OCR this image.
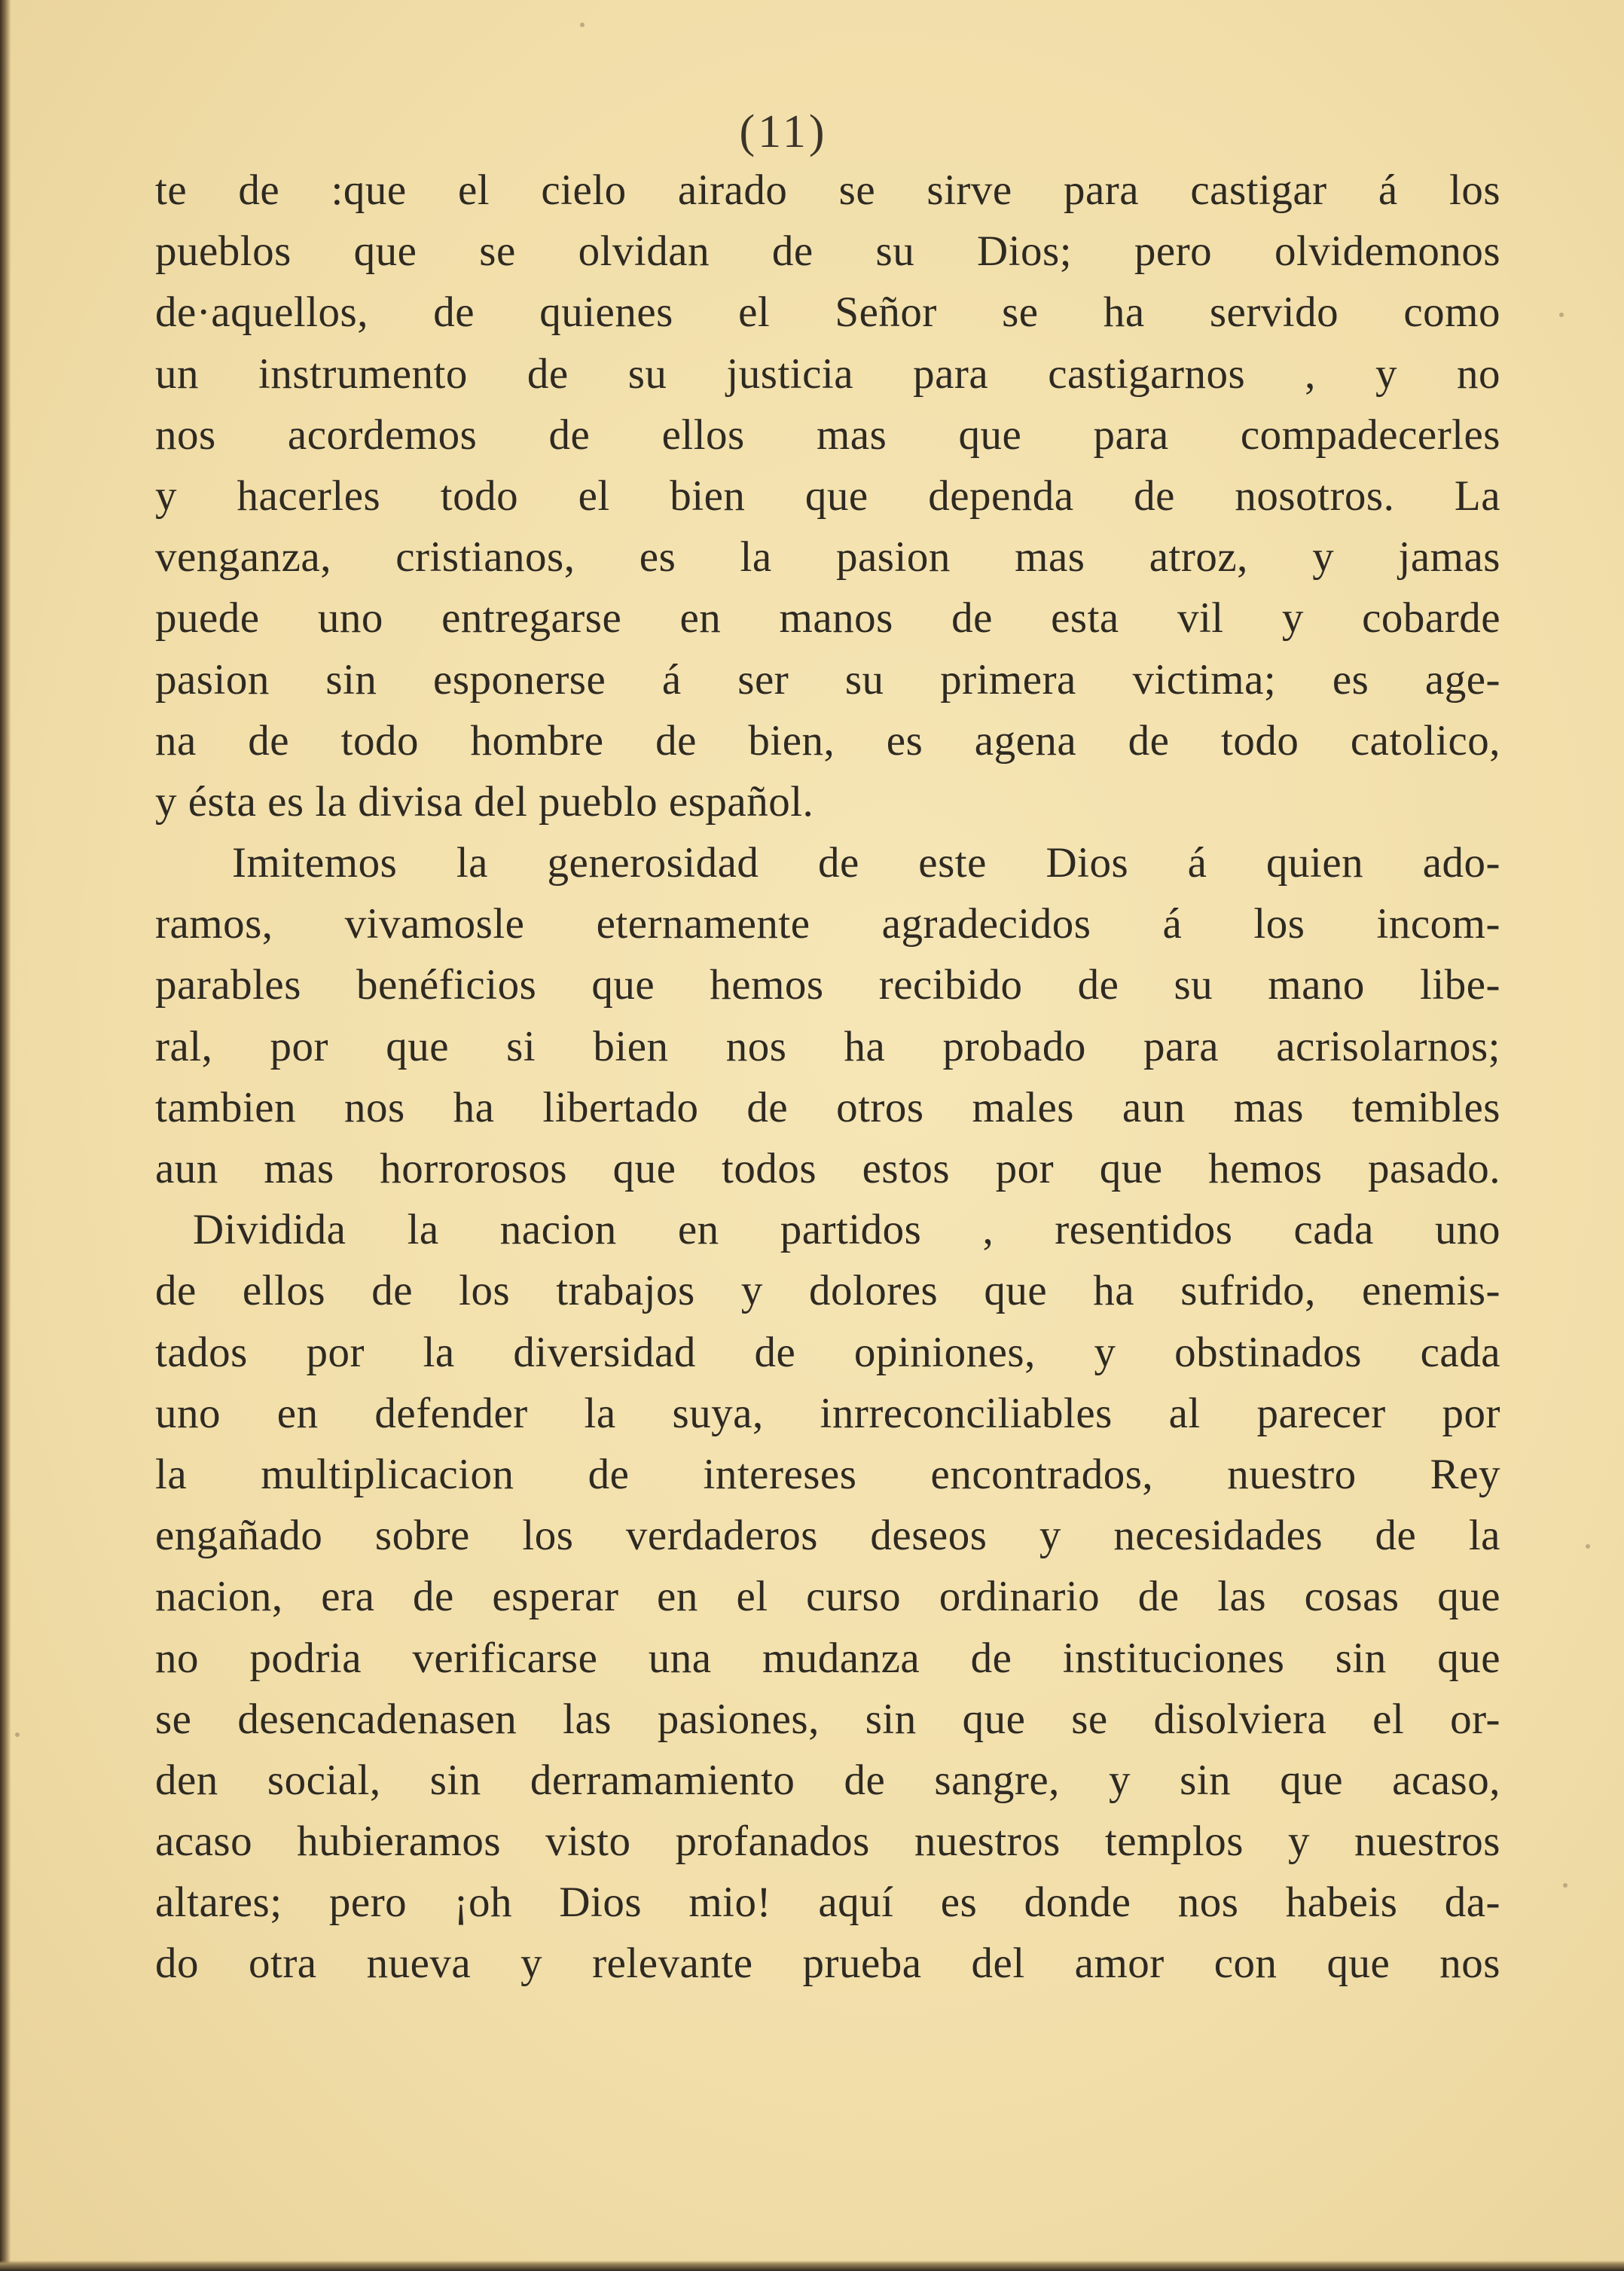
(11)
te de :que el cielo airado se sirve para castigar á los
pueblos que se olvidan de su Dios; pero olvidemonos
de·aquellos, de quienes el Señor se ha servido como
un instrumento de su justicia para castigarnos , y no
nos acordemos de ellos mas que para compadecerles
y hacerles todo el bien que dependa de nosotros. La
venganza, cristianos, es la pasion mas atroz, y jamas
puede uno entregarse en manos de esta vil y cobarde
pasion sin esponerse á ser su primera victima; es age-
na de todo hombre de bien, es agena de todo catolico,
y ésta es la divisa del pueblo español.
Imitemos la generosidad de este Dios á quien ado-
ramos, vivamosle eternamente agradecidos á los incom-
parables benéficios que hemos recibido de su mano libe-
ral, por que si bien nos ha probado para acrisolarnos;
tambien nos ha libertado de otros males aun mas temibles
aun mas horrorosos que todos estos por que hemos pasado.
Dividida la nacion en partidos , resentidos cada uno
de ellos de los trabajos y dolores que ha sufrido, enemis-
tados por la diversidad de opiniones, y obstinados cada
uno en defender la suya, inrreconciliables al parecer por
la multiplicacion de intereses encontrados, nuestro Rey
engañado sobre los verdaderos deseos y necesidades de la
nacion, era de esperar en el curso ordinario de las cosas que
no podria verificarse una mudanza de instituciones sin que
se desencadenasen las pasiones, sin que se disolviera el or-
den social, sin derramamiento de sangre, y sin que acaso,
acaso hubieramos visto profanados nuestros templos y nuestros
altares; pero ¡oh Dios mio! aquí es donde nos habeis da-
do otra nueva y relevante prueba del amor con que nos
